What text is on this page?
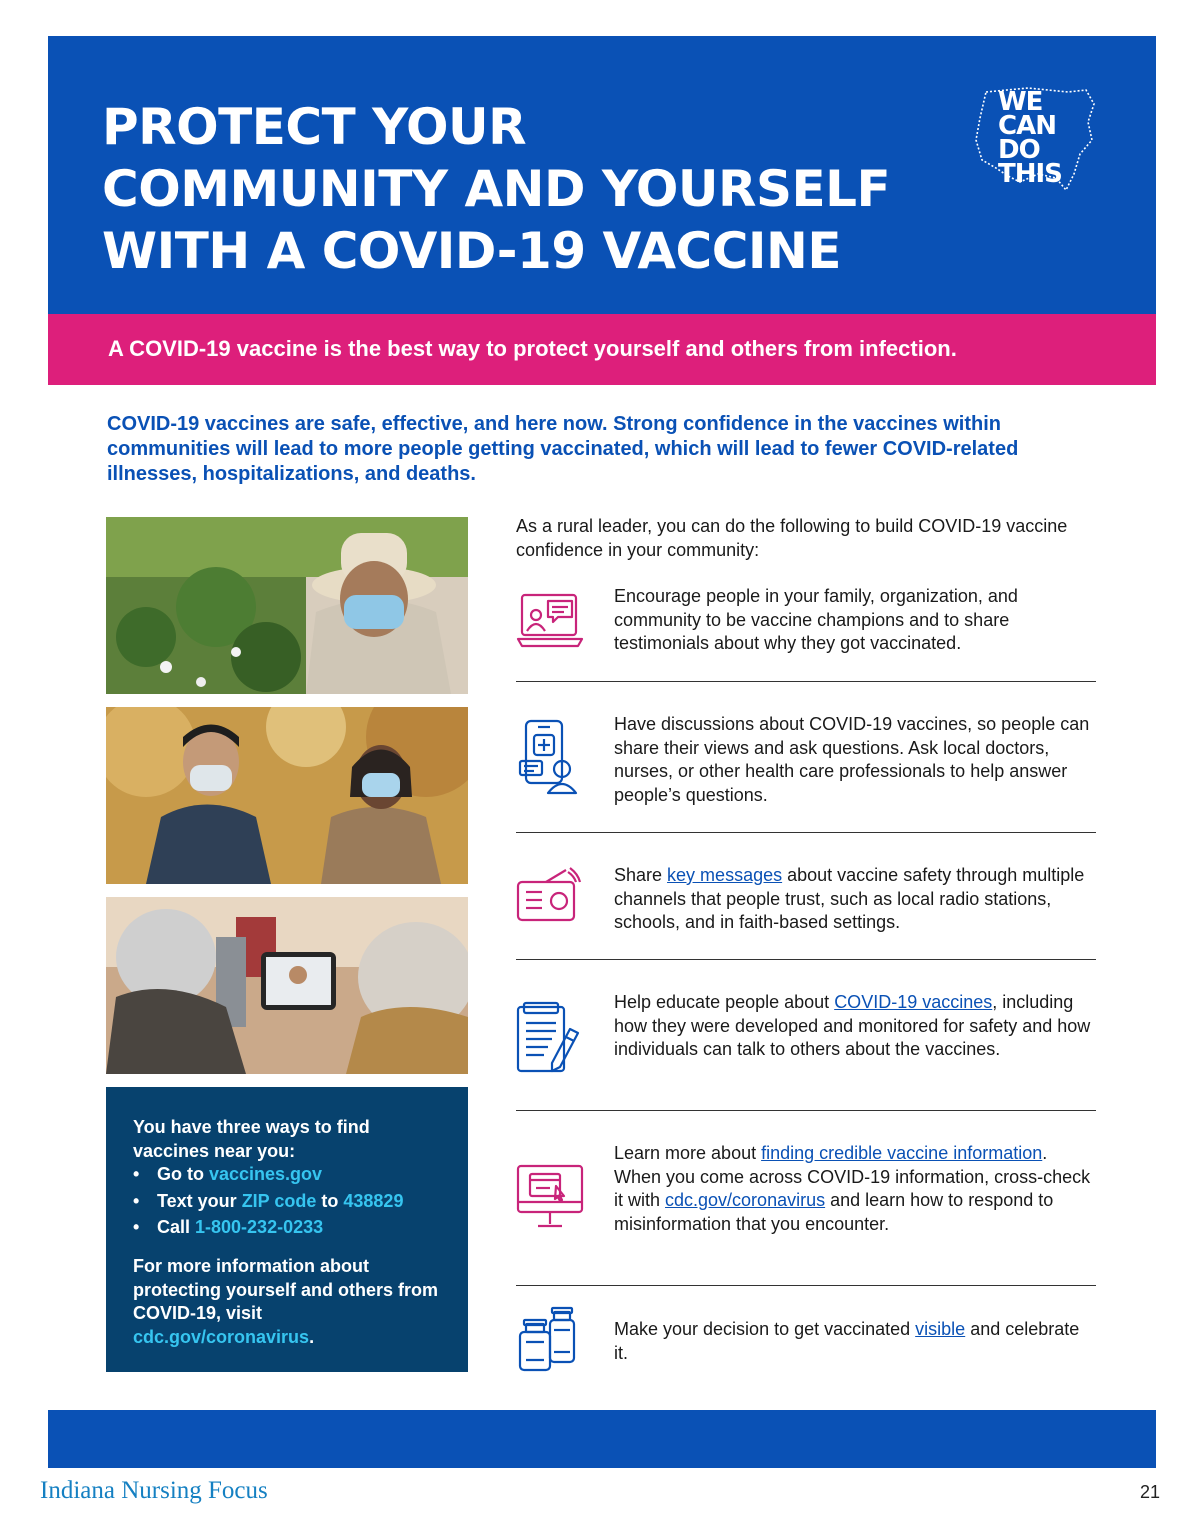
PROTECT YOUR
COMMUNITY AND YOURSELF
WITH A COVID-19 VACCINE
WE
CAN
DO
THIS
A COVID-19 vaccine is the best way to protect yourself and others from infection.

COVID-19 vaccines are safe, effective, and here now. Strong confidence in the vaccines within communities will lead to more people getting vaccinated, which will lead to fewer COVID-related illnesses, hospitalizations, and deaths.

You have three ways to find vaccines near you:
• Go to vaccines.gov
• Text your ZIP code to 438829
• Call 1-800-232-0233
For more information about protecting yourself and others from COVID-19, visit cdc.gov/coronavirus.

As a rural leader, you can do the following to build COVID-19 vaccine confidence in your community:

Encourage people in your family, organization, and community to be vaccine champions and to share testimonials about why they got vaccinated.

Have discussions about COVID-19 vaccines, so people can share their views and ask questions. Ask local doctors, nurses, or other health care professionals to help answer people’s questions.

Share key messages about vaccine safety through multiple channels that people trust, such as local radio stations, schools, and in faith-based settings.

Help educate people about COVID-19 vaccines, including how they were developed and monitored for safety and how individuals can talk to others about the vaccines.

Learn more about finding credible vaccine information. When you come across COVID-19 information, cross-check it with cdc.gov/coronavirus and learn how to respond to misinformation that you encounter.

Make your decision to get vaccinated visible and celebrate it.

Indiana Nursing Focus	21
